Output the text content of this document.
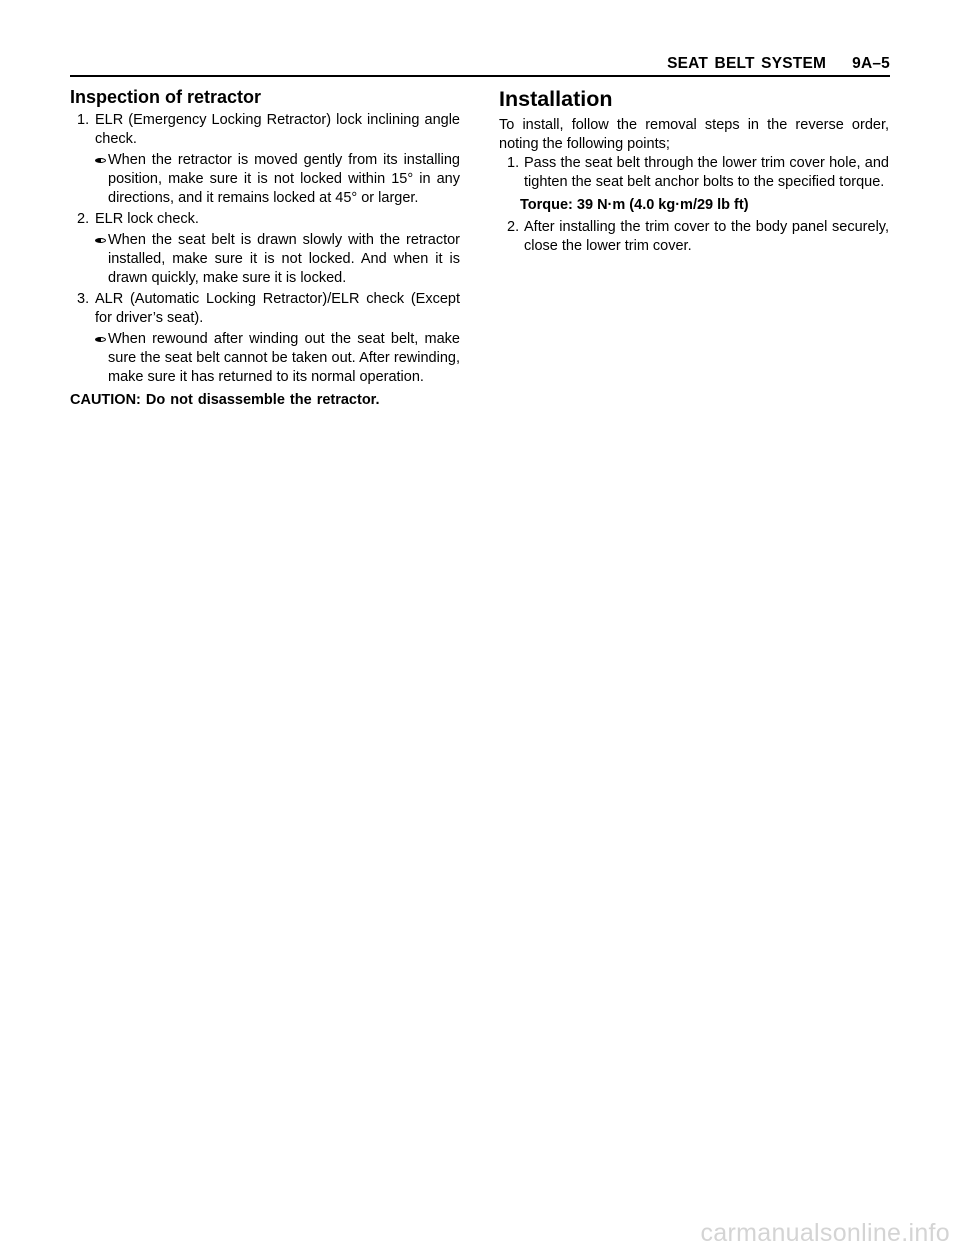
SEAT BELT SYSTEM    9A–5
Inspection of retractor
1. ELR (Emergency Locking Retractor) lock inclining angle check.
When the retractor is moved gently from its installing position, make sure it is not locked within 15° in any directions, and it remains locked at 45° or larger.
2. ELR lock check.
When the seat belt is drawn slowly with the retractor installed, make sure it is not locked. And when it is drawn quickly, make sure it is locked.
3. ALR (Automatic Locking Retractor)/ELR check (Except for driver’s seat).
When rewound after winding out the seat belt, make sure the seat belt cannot be taken out. After rewinding, make sure it has returned to its normal operation.
CAUTION: Do not disassemble the retractor.
Installation
To install, follow the removal steps in the reverse order, noting the following points;
1. Pass the seat belt through the lower trim cover hole, and tighten the seat belt anchor bolts to the specified torque.
Torque: 39 N·m (4.0 kg·m/29 lb ft)
2. After installing the trim cover to the body panel securely, close the lower trim cover.
carmanualsonline.info
